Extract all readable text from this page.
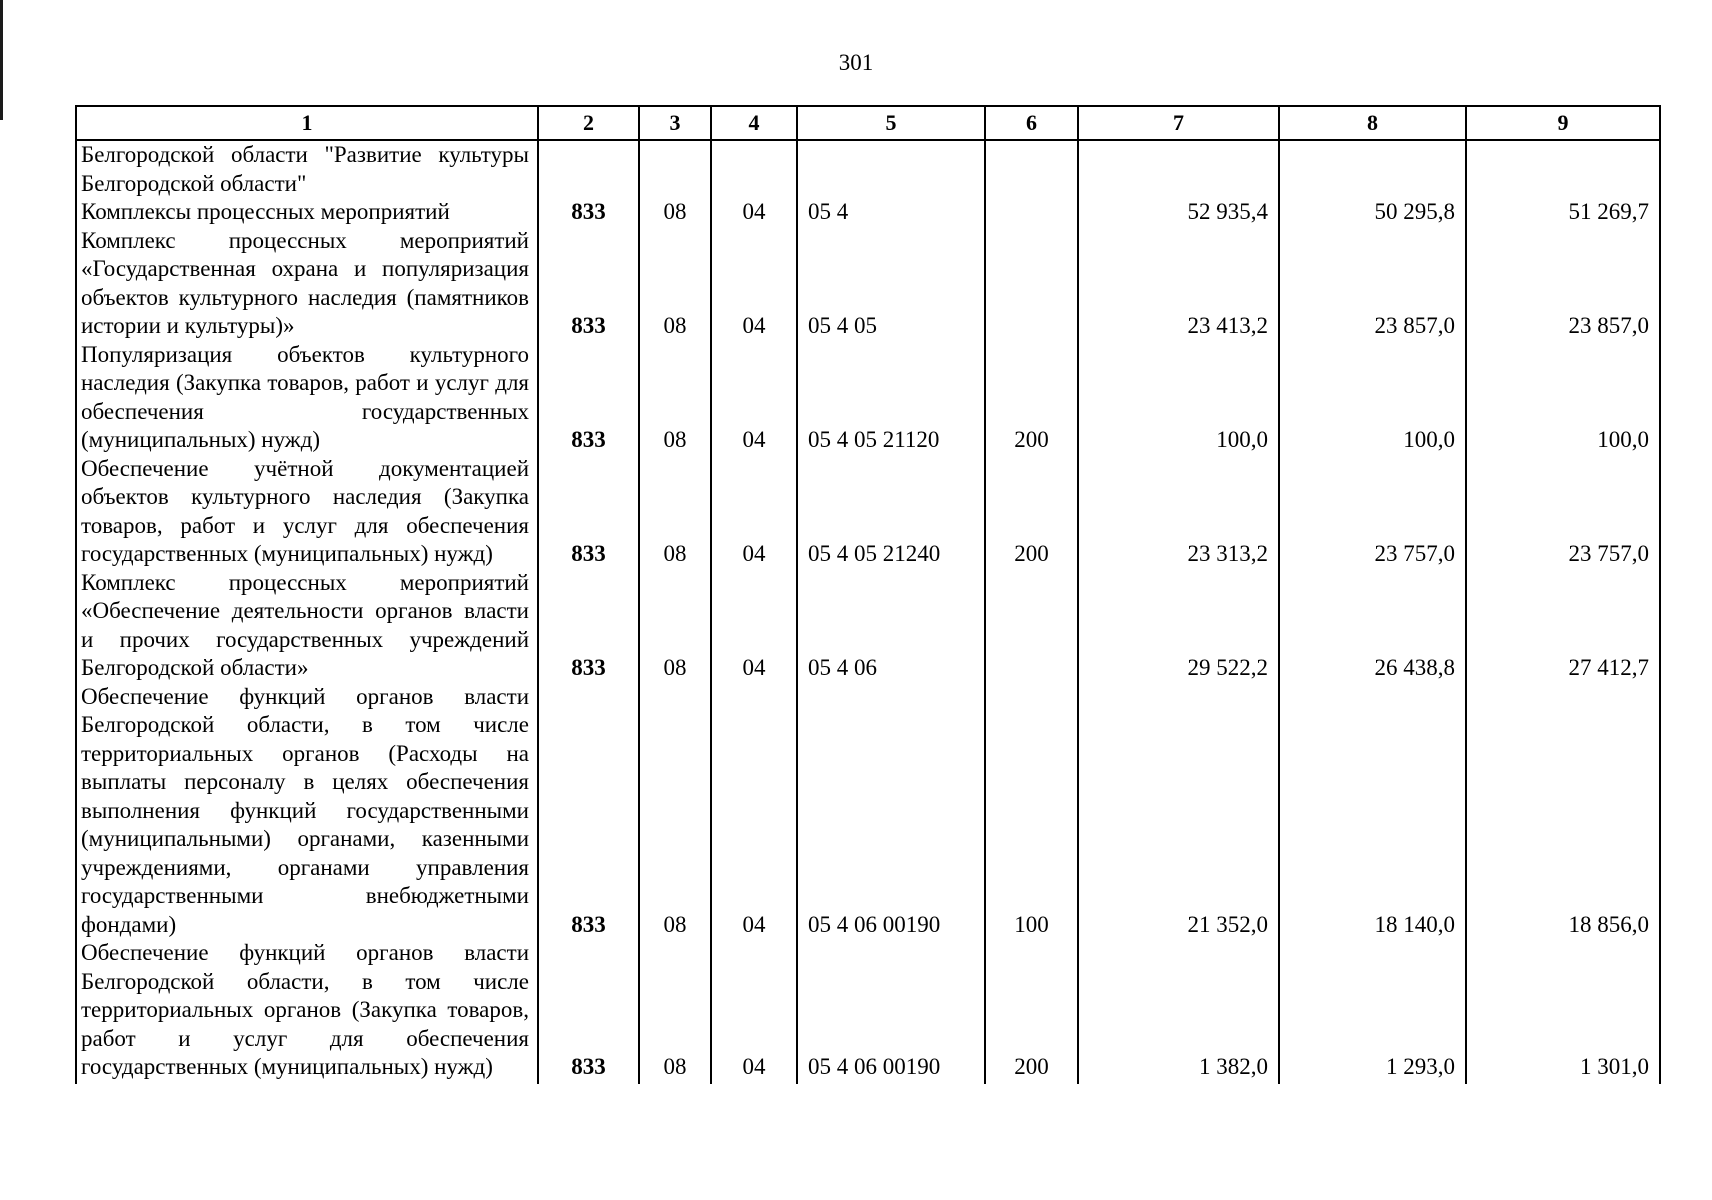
301
1	2	3	4	5	6	7	8	9
Белгородской области "Развитие культуры Белгородской области"								
Комплексы процессных мероприятий	833	08	04	05 4		52 935,4	50 295,8	51 269,7
Комплекс процессных мероприятий «Государственная охрана и популяризация объектов культурного наследия (памятников истории и культуры)»	833	08	04	05 4 05		23 413,2	23 857,0	23 857,0
Популяризация объектов культурного наследия (Закупка товаров, работ и услуг для обеспечения государственных (муниципальных) нужд)	833	08	04	05 4 05 21120	200	100,0	100,0	100,0
Обеспечение учётной документацией объектов культурного наследия (Закупка товаров, работ и услуг для обеспечения государственных (муниципальных) нужд)	833	08	04	05 4 05 21240	200	23 313,2	23 757,0	23 757,0
Комплекс процессных мероприятий «Обеспечение деятельности органов власти и прочих государственных учреждений Белгородской области»	833	08	04	05 4 06		29 522,2	26 438,8	27 412,7
Обеспечение функций органов власти Белгородской области, в том числе территориальных органов (Расходы на выплаты персоналу в целях обеспечения выполнения функций государственными (муниципальными) органами, казенными учреждениями, органами управления государственными внебюджетными фондами)	833	08	04	05 4 06 00190	100	21 352,0	18 140,0	18 856,0
Обеспечение функций органов власти Белгородской области, в том числе территориальных органов (Закупка товаров, работ и услуг для обеспечения государственных (муниципальных) нужд)	833	08	04	05 4 06 00190	200	1 382,0	1 293,0	1 301,0
